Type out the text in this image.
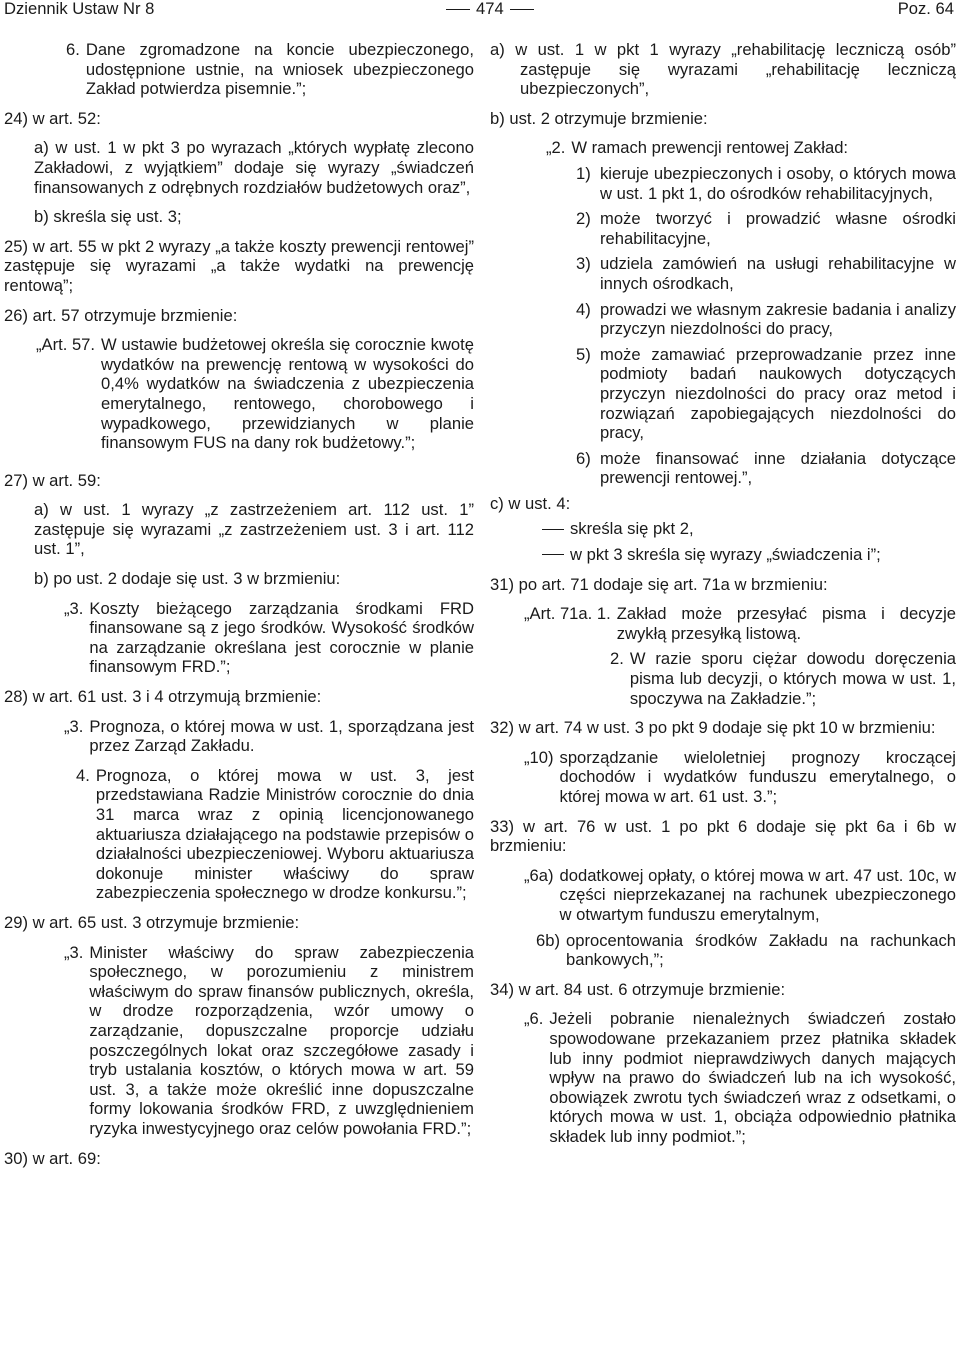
Dziennik Ustaw Nr 8	474	Poz. 64
6. Dane zgromadzone na koncie ubezpieczonego, udostępnione ustnie, na wniosek ubezpieczonego Zakład potwierdza pisemnie.”;
24) w art. 52:
a) w ust. 1 w pkt 3 po wyrazach „których wypłatę zlecono Zakładowi, z wyjątkiem” dodaje się wyrazy „świadczeń finansowanych z odrębnych rozdziałów budżetowych oraz”,
b) skreśla się ust. 3;
25) w art. 55 w pkt 2 wyrazy „a także koszty prewencji rentowej” zastępuje się wyrazami „a także wydatki na prewencję rentową”;
26) art. 57 otrzymuje brzmienie:
„Art. 57. W ustawie budżetowej określa się corocznie kwotę wydatków na prewencję rentową w wysokości do 0,4% wydatków na świadczenia z ubezpieczenia emerytalnego, rentowego, chorobowego i wypadkowego, przewidzianych w planie finansowym FUS na dany rok budżetowy.”;
27) w art. 59:
a) w ust. 1 wyrazy „z zastrzeżeniem art. 112 ust. 1” zastępuje się wyrazami „z zastrzeżeniem ust. 3 i art. 112 ust. 1”,
b) po ust. 2 dodaje się ust. 3 w brzmieniu:
„3. Koszty bieżącego zarządzania środkami FRD finansowane są z jego środków. Wysokość środków na zarządzanie określana jest corocznie w planie finansowym FRD.”;
28) w art. 61 ust. 3 i 4 otrzymują brzmienie:
„3. Prognoza, o której mowa w ust. 1, sporządzana jest przez Zarząd Zakładu.
4. Prognoza, o której mowa w ust. 3, jest przedstawiana Radzie Ministrów corocznie do dnia 31 marca wraz z opinią licencjonowanego aktuariusza działającego na podstawie przepisów o działalności ubezpieczeniowej. Wyboru aktuariusza dokonuje minister właściwy do spraw zabezpieczenia społecznego w drodze konkursu.”;
29) w art. 65 ust. 3 otrzymuje brzmienie:
„3. Minister właściwy do spraw zabezpieczenia społecznego, w porozumieniu z ministrem właściwym do spraw finansów publicznych, określa, w drodze rozporządzenia, wzór umowy o zarządzanie, dopuszczalne proporcje udziału poszczególnych lokat oraz szczegółowe zasady i tryb ustalania kosztów, o których mowa w art. 59 ust. 3, a także może określić inne dopuszczalne formy lokowania środków FRD, z uwzględnieniem ryzyka inwestycyjnego oraz celów powołania FRD.”;
30) w art. 69:
a) w ust. 1 w pkt 1 wyrazy „rehabilitację leczniczą osób” zastępuje się wyrazami „rehabilitację leczniczą ubezpieczonych”,
b) ust. 2 otrzymuje brzmienie:
„2. W ramach prewencji rentowej Zakład:
1) kieruje ubezpieczonych i osoby, o których mowa w ust. 1 pkt 1, do ośrodków rehabilitacyjnych,
2) może tworzyć i prowadzić własne ośrodki rehabilitacyjne,
3) udziela zamówień na usługi rehabilitacyjne w innych ośrodkach,
4) prowadzi we własnym zakresie badania i analizy przyczyn niezdolności do pracy,
5) może zamawiać przeprowadzanie przez inne podmioty badań naukowych dotyczących przyczyn niezdolności do pracy oraz metod i rozwiązań zapobiegających niezdolności do pracy,
6) może finansować inne działania dotyczące prewencji rentowej.”,
c) w ust. 4:
skreśla się pkt 2,
w pkt 3 skreśla się wyrazy „świadczenia i”;
31) po art. 71 dodaje się art. 71a w brzmieniu:
„Art. 71a. 1. Zakład może przesyłać pisma i decyzje zwykłą przesyłką listową.
2. W razie sporu ciężar dowodu doręczenia pisma lub decyzji, o których mowa w ust. 1, spoczywa na Zakładzie.”;
32) w art. 74 w ust. 3 po pkt 9 dodaje się pkt 10 w brzmieniu:
„10) sporządzanie wieloletniej prognozy kroczącej dochodów i wydatków funduszu emerytalnego, o której mowa w art. 61 ust. 3.”;
33) w art. 76 w ust. 1 po pkt 6 dodaje się pkt 6a i 6b w brzmieniu:
„6a) dodatkowej opłaty, o której mowa w art. 47 ust. 10c, w części nieprzekazanej na rachunek ubezpieczonego w otwartym funduszu emerytalnym,
6b) oprocentowania środków Zakładu na rachunkach bankowych,”;
34) w art. 84 ust. 6 otrzymuje brzmienie:
„6. Jeżeli pobranie nienależnych świadczeń zostało spowodowane przekazaniem przez płatnika składek lub inny podmiot nieprawdziwych danych mających wpływ na prawo do świadczeń lub na ich wysokość, obowiązek zwrotu tych świadczeń wraz z odsetkami, o których mowa w ust. 1, obciąża odpowiednio płatnika składek lub inny podmiot.”;
